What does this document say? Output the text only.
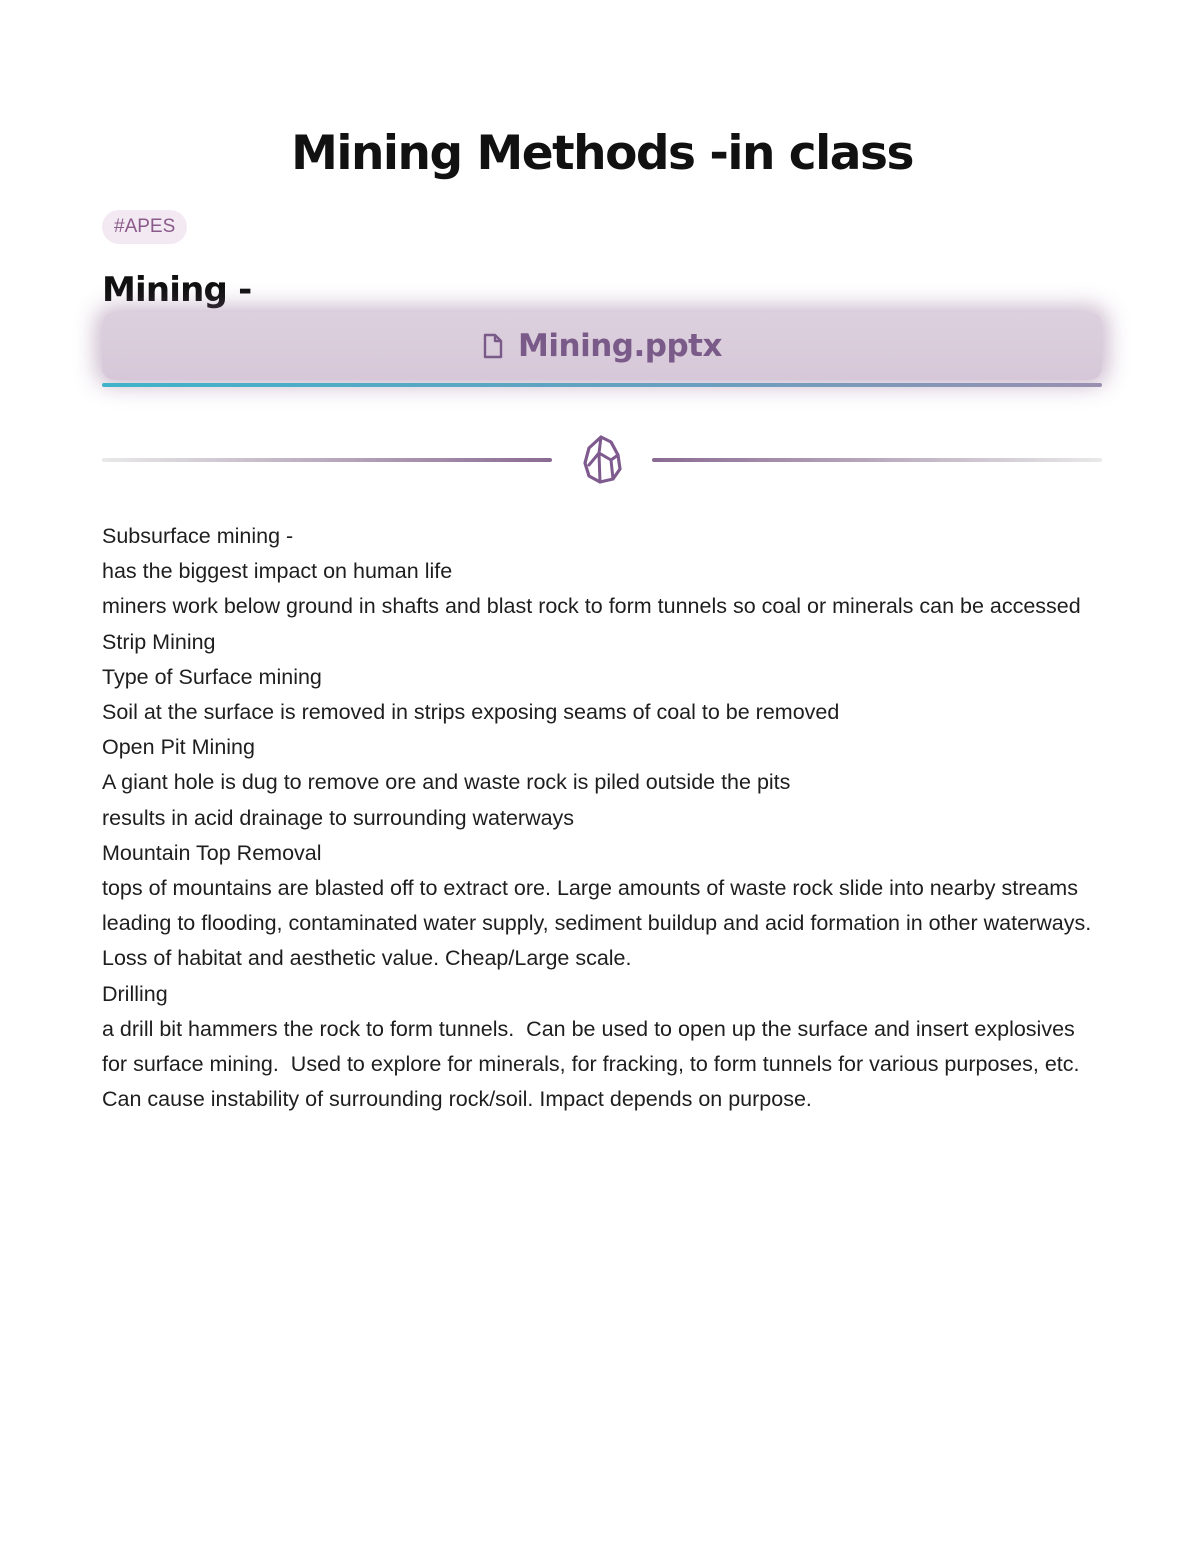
Mining Methods -in class
#APES
Mining -
Mining.pptx
Subsurface mining -
has the biggest impact on human life
miners work below ground in shafts and blast rock to form tunnels so coal or minerals can be accessed
Strip Mining
Type of Surface mining
Soil at the surface is removed in strips exposing seams of coal to be removed
Open Pit Mining
A giant hole is dug to remove ore and waste rock is piled outside the pits
results in acid drainage to surrounding waterways
Mountain Top Removal
tops of mountains are blasted off to extract ore. Large amounts of waste rock slide into nearby streams leading to flooding, contaminated water supply, sediment buildup and acid formation in other waterways. Loss of habitat and aesthetic value. Cheap/Large scale.
Drilling
a drill bit hammers the rock to form tunnels.  Can be used to open up the surface and insert explosives for surface mining.  Used to explore for minerals, for fracking, to form tunnels for various purposes, etc.  Can cause instability of surrounding rock/soil. Impact depends on purpose.
